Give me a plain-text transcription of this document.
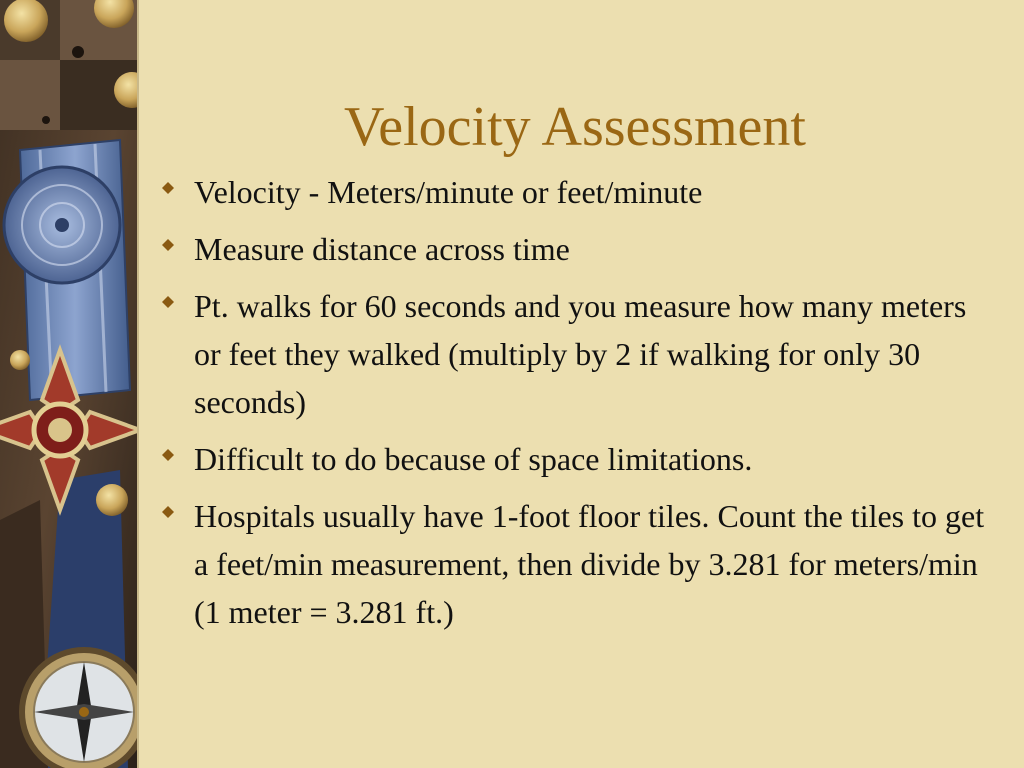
Velocity Assessment
Velocity - Meters/minute or feet/minute
Measure distance across time
Pt. walks for 60 seconds and you measure how many meters or feet they walked (multiply by 2 if walking for only 30 seconds)
Difficult to do because of space limitations.
Hospitals usually have 1-foot floor tiles. Count the tiles to get a feet/min measurement, then divide by 3.281 for meters/min (1 meter = 3.281 ft.)
